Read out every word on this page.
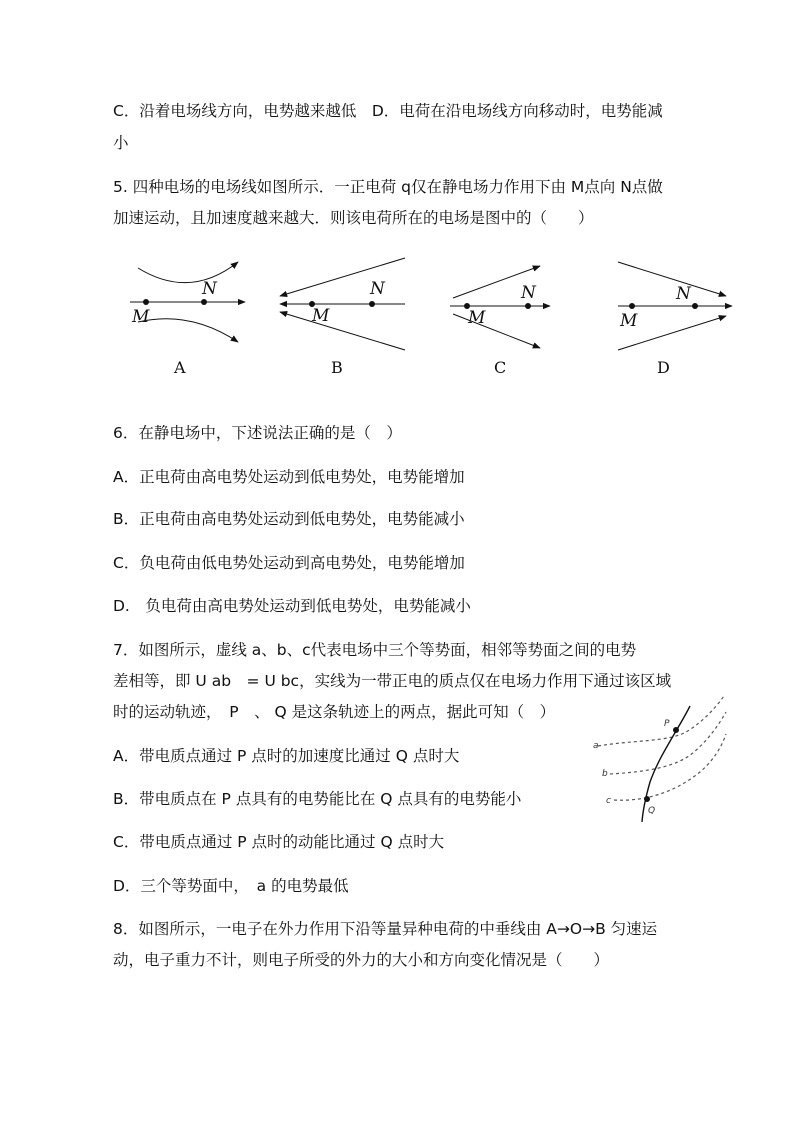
C．沿着电场线方向，电势越来越低　D．电荷在沿电场线方向移动时，电势能减
小
5. 四种电场的电场线如图所示．一正电荷 q仅在静电场力作用下由 M点向 N点做
加速运动，且加速度越来越大．则该电荷所在的电场是图中的（　　）
M
N
A
M
N
B
M
N
C
M
N
D
6．在静电场中，下述说法正确的是（　）
A．正电荷由高电势处运动到低电势处，电势能增加
B．正电荷由高电势处运动到低电势处，电势能减小
C．负电荷由低电势处运动到高电势处，电势能增加
D.　负电荷由高电势处运动到低电势处，电势能减小
7．如图所示，虚线 a、b、c代表电场中三个等势面，相邻等势面之间的电势
差相等，即 U ab　= U bc，实线为一带正电的质点仅在电场力作用下通过该区域
时的运动轨迹，　P　、 Q 是这条轨迹上的两点，据此可知（　）
A．带电质点通过 P 点时的加速度比通过 Q 点时大
B．带电质点在 P 点具有的电势能比在 Q 点具有的电势能小
C．带电质点通过 P 点时的动能比通过 Q 点时大
D．三个等势面中，　a 的电势最低
a
b
c
P
Q
8．如图所示，一电子在外力作用下沿等量异种电荷的中垂线由 A→O→B 匀速运
动，电子重力不计，则电子所受的外力的大小和方向变化情况是（　　）
